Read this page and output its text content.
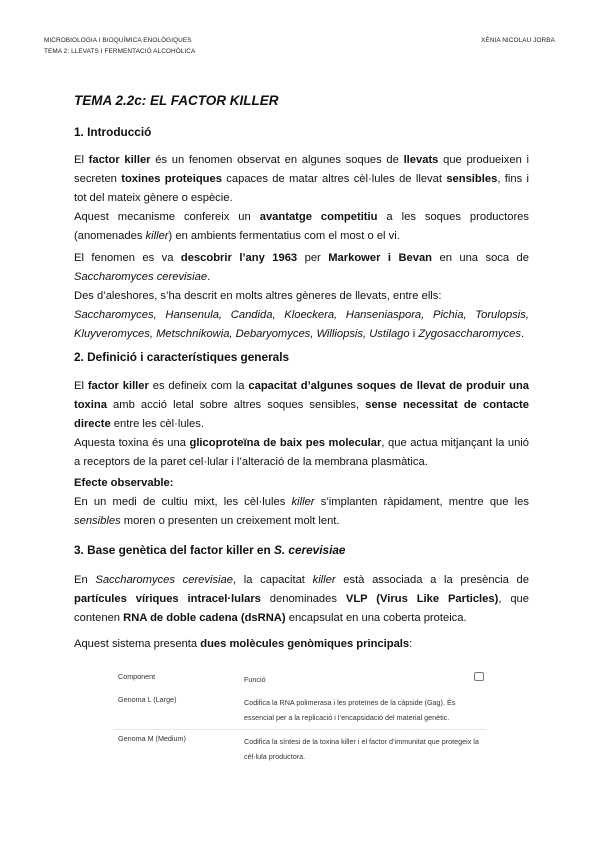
MICROBIOLOGIA I BIOQUÍMICA ENOLÒGIQUES
TEMA 2: LLEVATS I FERMENTACIÓ ALCOHÒLICA
XÈNIA NICOLAU JORBA
TEMA 2.2c: EL FACTOR KILLER
1. Introducció

El factor killer és un fenomen observat en algunes soques de llevats que produeixen i secreten toxines proteiques capaces de matar altres cèl·lules de llevat sensibles, fins i tot del mateix gènere o espècie.

Aquest mecanisme confereix un avantatge competitiu a les soques productores (anomenades killer) en ambients fermentatius com el most o el vi.

El fenomen es va descobrir l’any 1963 per Markower i Bevan en una soca de Saccharomyces cerevisiae.

Des d’aleshores, s’ha descrit en molts altres gèneres de llevats, entre ells:

Saccharomyces, Hansenula, Candida, Kloeckera, Hanseniaspora, Pichia, Torulopsis, Kluyveromyces, Metschnikowia, Debaryomyces, Williopsis, Ustilago i Zygosaccharomyces.

2. Definició i característiques generals

El factor killer es defineix com la capacitat d’algunes soques de llevat de produir una toxina amb acció letal sobre altres soques sensibles, sense necessitat de contacte directe entre les cèl·lules.

Aquesta toxina és una glicoproteïna de baix pes molecular, que actua mitjançant la unió a receptors de la paret cel·lular i l’alteració de la membrana plasmàtica.

Efecte observable:

En un medi de cultiu mixt, les cèl·lules killer s’implanten ràpidament, mentre que les sensibles moren o presenten un creixement molt lent.

3. Base genètica del factor killer en S. cerevisiae

En Saccharomyces cerevisiae, la capacitat killer està associada a la presència de partícules víriques intracel·lulars denominades VLP (Virus Like Particles), que contenen RNA de doble cadena (dsRNA) encapsulat en una coberta proteica.

Aquest sistema presenta dues molècules genòmiques principals:

Component	Funció
Genoma L (Large)	Codifica la RNA polimerasa i les proteïnes de la càpside (Gag). És essencial per a la replicació i l’encapsidació del material genètic.
Genoma M (Medium)	Codifica la síntesi de la toxina killer i el factor d’immunitat que protegeix la cèl·lula productora.
